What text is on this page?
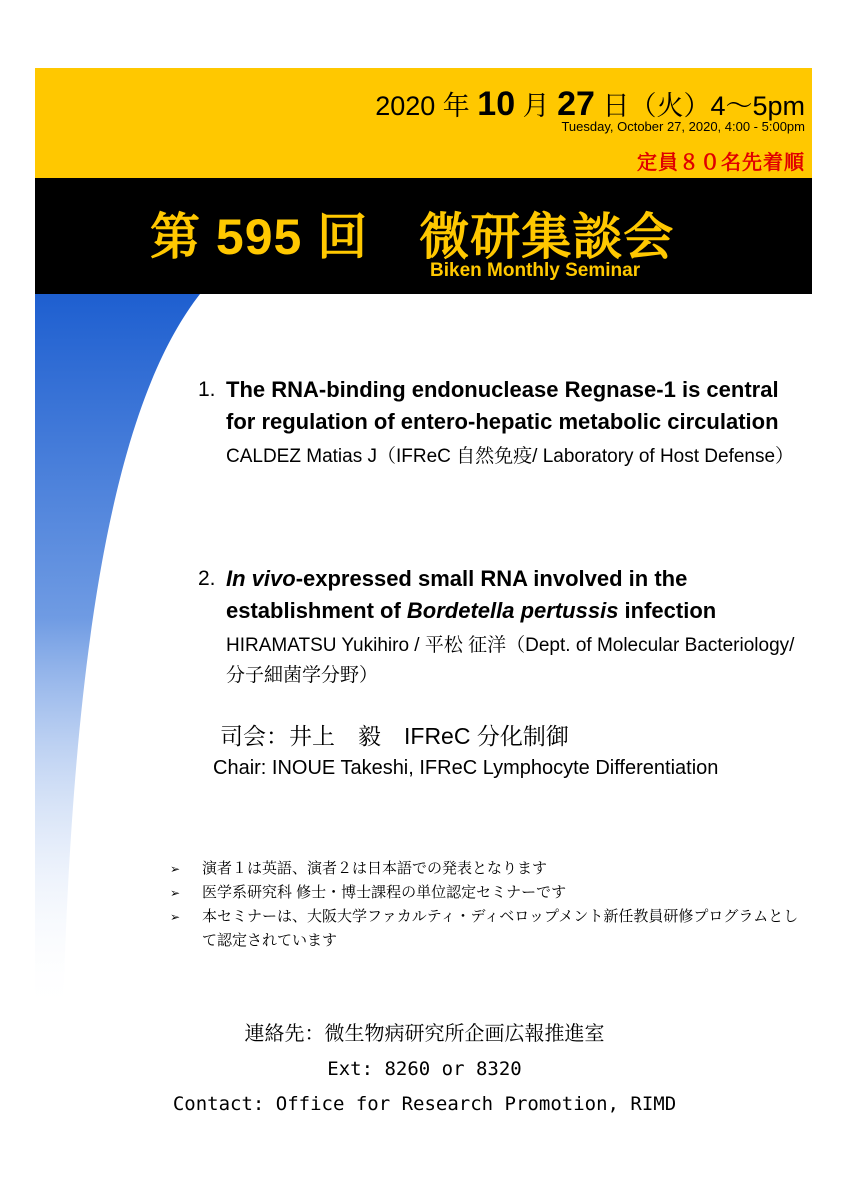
2020 年 10 月 27 日（火）4～5pm
Tuesday, October 27, 2020, 4:00 ‐ 5:00pm
定員８０名先着順
第 595 回　微研集談会
Biken Monthly Seminar
1. The RNA-binding endonuclease Regnase-1 is central for regulation of entero-hepatic metabolic circulation
CALDEZ Matias J（IFReC 自然免疫/ Laboratory of Host Defense）
2. In vivo-expressed small RNA involved in the establishment of Bordetella pertussis infection
HIRAMATSU Yukihiro / 平松 征洋（Dept. of Molecular Bacteriology/分子細菌学分野）
司会：井上　毅　IFReC 分化制御
Chair: INOUE Takeshi, IFReC Lymphocyte Differentiation
➢ 演者１は英語、演者２は日本語での発表となります
➢ 医学系研究科 修士・博士課程の単位認定セミナーです
➢ 本セミナーは、大阪大学ファカルティ・ディベロップメント新任教員研修プログラムとして認定されています
連絡先：微生物病研究所企画広報推進室
Ext: 8260 or 8320
Contact: Office for Research Promotion, RIMD
